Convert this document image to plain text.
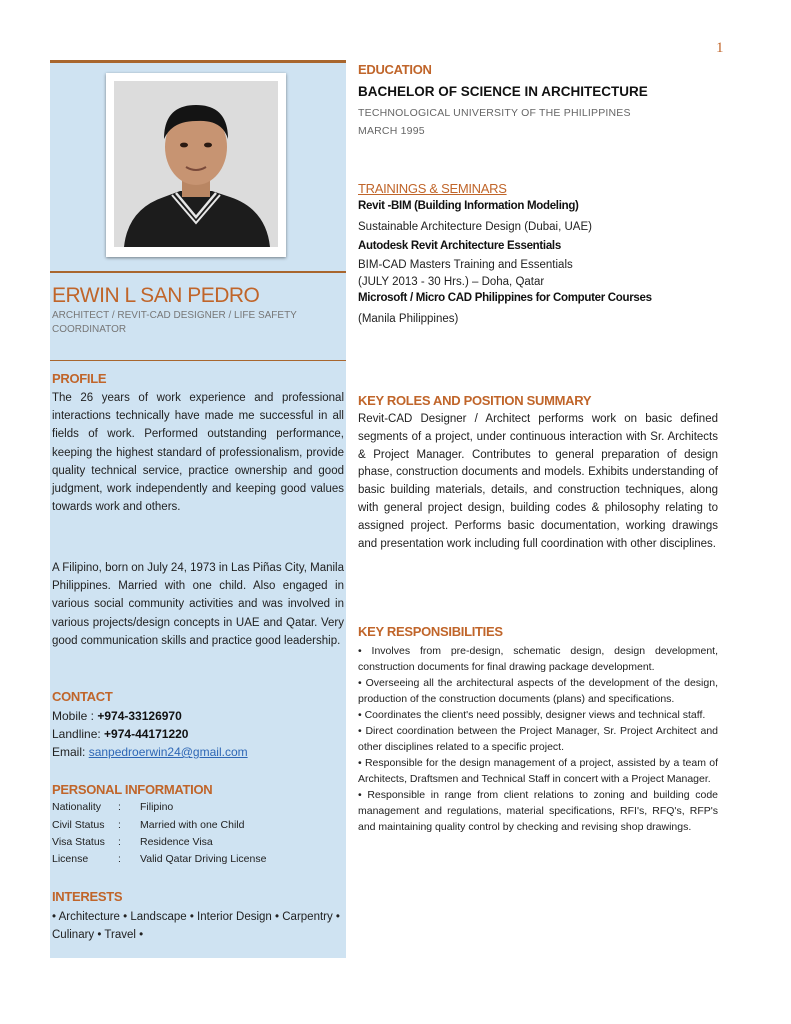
1
ERWIN L SAN PEDRO
ARCHITECT / REVIT-CAD DESIGNER / LIFE SAFETY COORDINATOR
PROFILE
The 26 years of work experience and professional interactions technically have made me successful in all fields of work. Performed outstanding performance, keeping the highest standard of professionalism, provide quality technical service, practice ownership and good judgment, work independently and keeping good values towards work and others.
A Filipino, born on July 24, 1973 in Las Piñas City, Manila Philippines. Married with one child. Also engaged in various social community activities and was involved in various projects/design concepts in UAE and Qatar. Very good communication skills and practice good leadership.
CONTACT
Mobile : +974-33126970
Landline: +974-44171220
Email: sanpedroerwin24@gmail.com
PERSONAL INFORMATION
Nationality	: Filipino
Civil Status	: Married with one Child
Visa Status	: Residence Visa
License	: Valid Qatar Driving License
INTERESTS
• Architecture • Landscape • Interior Design • Carpentry • Culinary • Travel •
EDUCATION
BACHELOR OF SCIENCE IN ARCHITECTURE
TECHNOLOGICAL UNIVERSITY OF THE PHILIPPINES
MARCH 1995
TRAININGS & SEMINARS
Revit -BIM (Building Information Modeling)
Sustainable Architecture Design (Dubai, UAE)
Autodesk Revit Architecture Essentials
BIM-CAD Masters Training and Essentials
(JULY 2013 - 30 Hrs.) – Doha, Qatar
Microsoft / Micro CAD Philippines for Computer Courses
(Manila Philippines)
KEY ROLES AND POSITION SUMMARY
Revit-CAD Designer / Architect performs work on basic defined segments of a project, under continuous interaction with Sr. Architects & Project Manager. Contributes to general preparation of design phase, construction documents and models. Exhibits understanding of basic building materials, details, and construction techniques, along with general project design, building codes & philosophy relating to assigned project. Performs basic documentation, working drawings and presentation work including full coordination with other disciplines.
KEY RESPONSIBILITIES
• Involves from pre-design, schematic design, design development, construction documents for final drawing package development.
• Overseeing all the architectural aspects of the development of the design, production of the construction documents (plans) and specifications.
• Coordinates the client's need possibly, designer views and technical staff.
• Direct coordination between the Project Manager, Sr. Project Architect and other disciplines related to a specific project.
• Responsible for the design management of a project, assisted by a team of Architects, Draftsmen and Technical Staff in concert with a Project Manager.
• Responsible in range from client relations to zoning and building code management and regulations, material specifications, RFI's, RFQ's, RFP's and maintaining quality control by checking and revising shop drawings.
